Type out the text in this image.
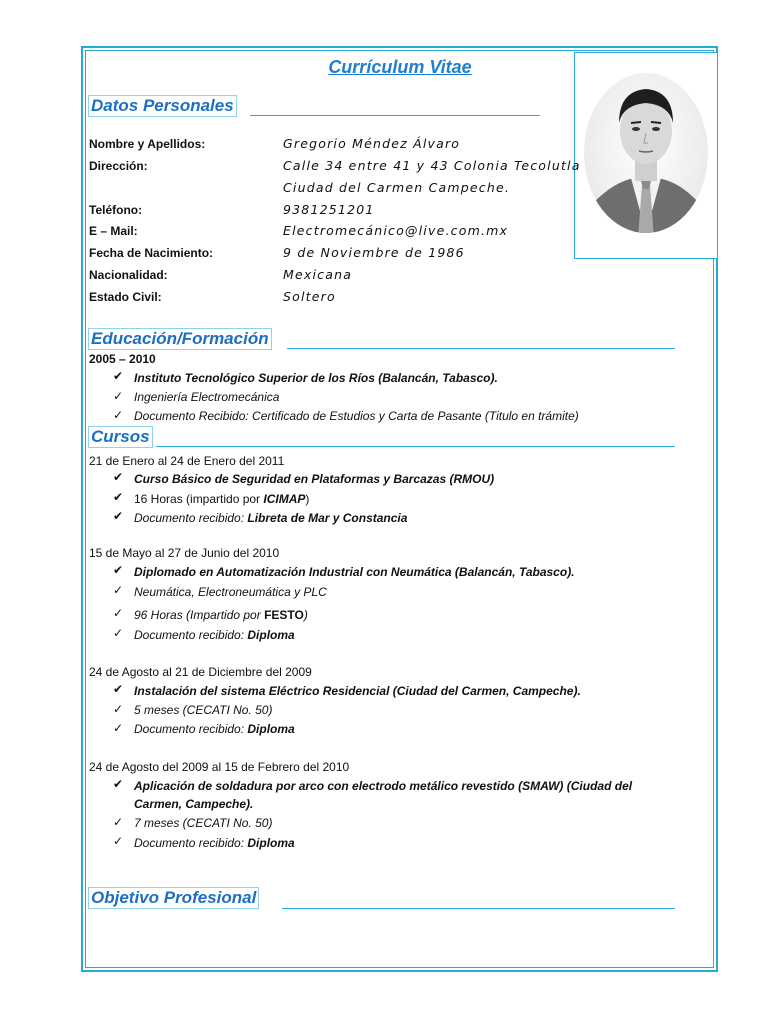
Currículum Vitae
Datos Personales
Nombre y Apellidos:	Gregorio Méndez Álvaro
Dirección:	Calle 34 entre 41 y 43 Colonia Tecolutla
Ciudad del Carmen Campeche.
Teléfono:	9381251201
E – Mail:	Electromecánico@live.com.mx
Fecha de Nacimiento:	9 de Noviembre de 1986
Nacionalidad:	Mexicana
Estado Civil:	Soltero
Educación/Formación
2005 – 2010
✔ Instituto Tecnológico Superior de los Ríos (Balancán, Tabasco).
✓ Ingeniería Electromecánica
✓ Documento Recibido: Certificado de Estudios y Carta de Pasante (Titulo en trámite)
Cursos
21 de Enero al 24 de Enero del 2011
✔ Curso Básico de Seguridad en Plataformas y Barcazas (RMOU)
✔ 16 Horas (impartido por ICIMAP)
✔ Documento recibido: Libreta de Mar y Constancia
15 de Mayo al 27 de Junio del 2010
✔ Diplomado en Automatización Industrial con Neumática (Balancán, Tabasco).
✓ Neumática, Electroneumática y PLC
✓ 96 Horas (Impartido por FESTO)
✓ Documento recibido: Diploma
24 de Agosto al 21 de Diciembre del 2009
✔ Instalación del sistema Eléctrico Residencial (Ciudad del Carmen, Campeche).
✓ 5 meses (CECATI No. 50)
✓ Documento recibido: Diploma
24 de Agosto del 2009 al 15 de Febrero del 2010
✔ Aplicación de soldadura por arco con electrodo metálico revestido (SMAW) (Ciudad del
Carmen, Campeche).
✓ 7 meses (CECATI No. 50)
✓ Documento recibido: Diploma
Objetivo Profesional
